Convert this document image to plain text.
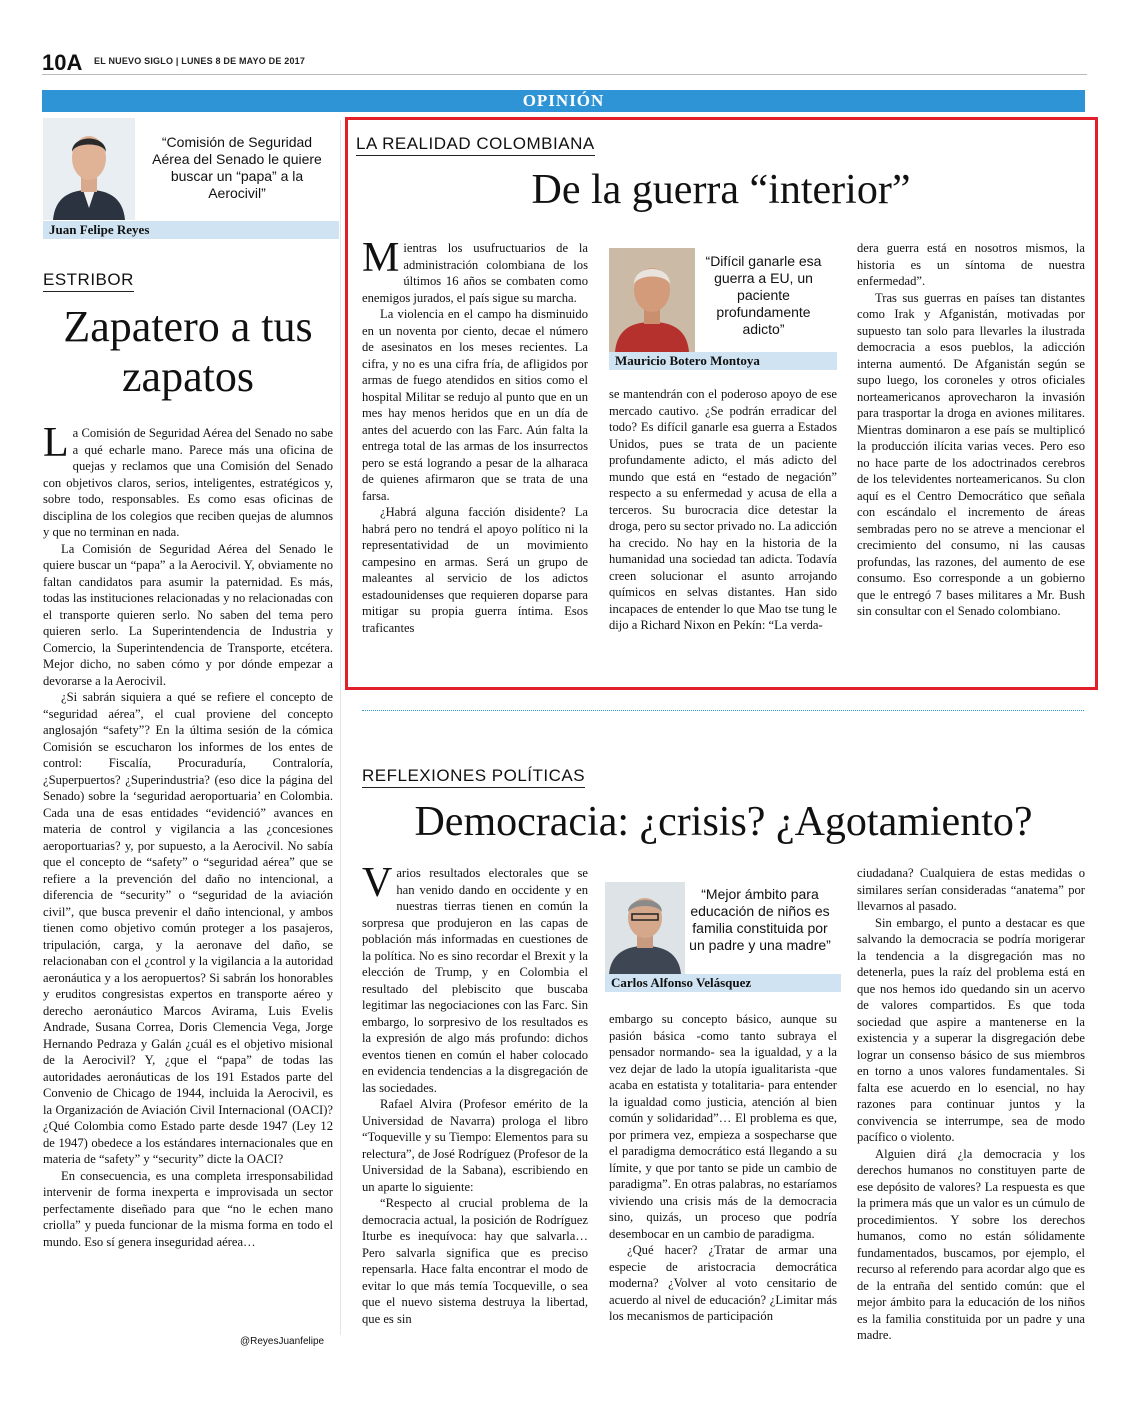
10A EL NUEVO SIGLO | LUNES 8 DE MAYO DE 2017
OPINIÓN
“Comisión de Seguridad Aérea del Senado le quiere buscar un “papa” a la Aerocivil”
Juan Felipe Reyes
ESTRIBOR
Zapatero a tus zapatos

La Comisión de Seguridad Aérea del Senado no sabe a qué echarle mano. Parece más una oficina de quejas y reclamos que una Comisión del Senado con objetivos claros, serios, inteligentes, estratégicos y, sobre todo, responsables. Es como esas oficinas de disciplina de los colegios que reciben quejas de alumnos y que no terminan en nada.

La Comisión de Seguridad Aérea del Senado le quiere buscar un “papa” a la Aerocivil. Y, obviamente no faltan candidatos para asumir la paternidad. Es más, todas las instituciones relacionadas y no relacionadas con el transporte quieren serlo. No saben del tema pero quieren serlo. La Superintendencia de Industria y Comercio, la Superintendencia de Transporte, etcétera. Mejor dicho, no saben cómo y por dónde empezar a devorarse a la Aerocivil.

¿Si sabrán siquiera a qué se refiere el concepto de “seguridad aérea”, el cual proviene del concepto anglosajón “safety”? En la última sesión de la cómica Comisión se escucharon los informes de los entes de control: Fiscalía, Procuraduría, Contraloría, ¿Superpuertos? ¿Superindustria? (eso dice la página del Senado) sobre la ‘seguridad aeroportuaria’ en Colombia. Cada una de esas entidades “evidenció” avances en materia de control y vigilancia a las ¿concesiones aeroportuarias? y, por supuesto, a la Aerocivil. No sabía que el concepto de “safety” o “seguridad aérea” que se refiere a la prevención del daño no intencional, a diferencia de “security” o “seguridad de la aviación civil”, que busca prevenir el daño intencional, y ambos tienen como objetivo común proteger a los pasajeros, tripulación, carga, y la aeronave del daño, se relacionaban con el ¿control y la vigilancia a la autoridad aeronáutica y a los aeropuertos? Si sabrán los honorables y eruditos congresistas expertos en transporte aéreo y derecho aeronáutico Marcos Avirama, Luis Evelis Andrade, Susana Correa, Doris Clemencia Vega, Jorge Hernando Pedraza y Galán ¿cuál es el objetivo misional de la Aerocivil? Y, ¿que el “papa” de todas las autoridades aeronáuticas de los 191 Estados parte del Convenio de Chicago de 1944, incluida la Aerocivil, es la Organización de Aviación Civil Internacional (OACI)? ¿Qué Colombia como Estado parte desde 1947 (Ley 12 de 1947) obedece a los estándares internacionales que en materia de “safety” y “security” dicte la OACI?

En consecuencia, es una completa irresponsabilidad intervenir de forma inexperta e improvisada un sector perfectamente diseñado para que “no le echen mano criolla” y pueda funcionar de la misma forma en todo el mundo. Eso sí genera inseguridad aérea…

@ReyesJuanfelipe
LA REALIDAD COLOMBIANA
De la guerra “interior”

Mientras los usufructuarios de la administración colombiana de los últimos 16 años se combaten como enemigos jurados, el país sigue su marcha.

La violencia en el campo ha disminuido en un noventa por ciento, decae el número de asesinatos en los meses recientes. La cifra, y no es una cifra fría, de afligidos por armas de fuego atendidos en sitios como el hospital Militar se redujo al punto que en un mes hay menos heridos que en un día de antes del acuerdo con las Farc. Aún falta la entrega total de las armas de los insurrectos pero se está logrando a pesar de la alharaca de quienes afirmaron que se trata de una farsa.

¿Habrá alguna facción disidente? La habrá pero no tendrá el apoyo político ni la representatividad de un movimiento campesino en armas. Será un grupo de maleantes al servicio de los adictos estadounidenses que requieren doparse para mitigar su propia guerra íntima. Esos traficantes

“Difícil ganarle esa guerra a EU, un paciente profundamente adicto”
Mauricio Botero Montoya

se mantendrán con el poderoso apoyo de ese mercado cautivo. ¿Se podrán erradicar del todo? Es difícil ganarle esa guerra a Estados Unidos, pues se trata de un paciente profundamente adicto, el más adicto del mundo que está en “estado de negación” respecto a su enfermedad y acusa de ella a terceros. Su burocracia dice detestar la droga, pero su sector privado no. La adicción ha crecido. No hay en la historia de la humanidad una sociedad tan adicta. Todavía creen solucionar el asunto arrojando químicos en selvas distantes. Han sido incapaces de entender lo que Mao tse tung le dijo a Richard Nixon en Pekín: “La verda-

dera guerra está en nosotros mismos, la historia es un síntoma de nuestra enfermedad”.

Tras sus guerras en países tan distantes como Irak y Afganistán, motivadas por supuesto tan solo para llevarles la ilustrada democracia a esos pueblos, la adicción interna aumentó. De Afganistán según se supo luego, los coroneles y otros oficiales norteamericanos aprovecharon la invasión para trasportar la droga en aviones militares. Mientras dominaron a ese país se multiplicó la producción ilícita varias veces. Pero eso no hace parte de los adoctrinados cerebros de los televidentes norteamericanos. Su clon aquí es el Centro Democrático que señala con escándalo el incremento de áreas sembradas pero no se atreve a mencionar el crecimiento del consumo, ni las causas profundas, las razones, del aumento de ese consumo. Eso corresponde a un gobierno que le entregó 7 bases militares a Mr. Bush sin consultar con el Senado colombiano.

REFLEXIONES POLÍTICAS
Democracia: ¿crisis? ¿Agotamiento?

Varios resultados electorales que se han venido dando en occidente y en nuestras tierras tienen en común la sorpresa que produjeron en las capas de población más informadas en cuestiones de la política. No es sino recordar el Brexit y la elección de Trump, y en Colombia el resultado del plebiscito que buscaba legitimar las negociaciones con las Farc. Sin embargo, lo sorpresivo de los resultados es la expresión de algo más profundo: dichos eventos tienen en común el haber colocado en evidencia tendencias a la disgregación de las sociedades.

Rafael Alvira (Profesor emérito de la Universidad de Navarra) prologa el libro “Toqueville y su Tiempo: Elementos para su relectura”, de José Rodríguez (Profesor de la Universidad de la Sabana), escribiendo en un aparte lo siguiente:

“Respecto al crucial problema de la democracia actual, la posición de Rodríguez Iturbe es inequívoca: hay que salvarla… Pero salvarla significa que es preciso repensarla. Hace falta encontrar el modo de evitar lo que más temía Tocqueville, o sea que el nuevo sistema destruya la libertad, que es sin

“Mejor ámbito para educación de niños es familia constituida por un padre y una madre”
Carlos Alfonso Velásquez

embargo su concepto básico, aunque su pasión básica -como tanto subraya el pensador normando- sea la igualdad, y a la vez dejar de lado la utopía igualitarista -que acaba en estatista y totalitaria- para entender la igualdad como justicia, atención al bien común y solidaridad”… El problema es que, por primera vez, empieza a sospecharse que el paradigma democrático está llegando a su límite, y que por tanto se pide un cambio de paradigma”. En otras palabras, no estaríamos viviendo una crisis más de la democracia sino, quizás, un proceso que podría desembocar en un cambio de paradigma.

¿Qué hacer? ¿Tratar de armar una especie de aristocracia democrática moderna? ¿Volver al voto censitario de acuerdo al nivel de educación? ¿Limitar más los mecanismos de participación

ciudadana? Cualquiera de estas medidas o similares serían consideradas “anatema” por llevarnos al pasado.

Sin embargo, el punto a destacar es que salvando la democracia se podría morigerar la tendencia a la disgregación mas no detenerla, pues la raíz del problema está en que nos hemos ido quedando sin un acervo de valores compartidos. Es que toda sociedad que aspire a mantenerse en la existencia y a superar la disgregación debe lograr un consenso básico de sus miembros en torno a unos valores fundamentales. Si falta ese acuerdo en lo esencial, no hay razones para continuar juntos y la convivencia se interrumpe, sea de modo pacífico o violento.

Alguien dirá ¿la democracia y los derechos humanos no constituyen parte de ese depósito de valores? La respuesta es que la primera más que un valor es un cúmulo de procedimientos. Y sobre los derechos humanos, como no están sólidamente fundamentados, buscamos, por ejemplo, el recurso al referendo para acordar algo que es de la entraña del sentido común: que el mejor ámbito para la educación de los niños es la familia constituida por un padre y una madre.
